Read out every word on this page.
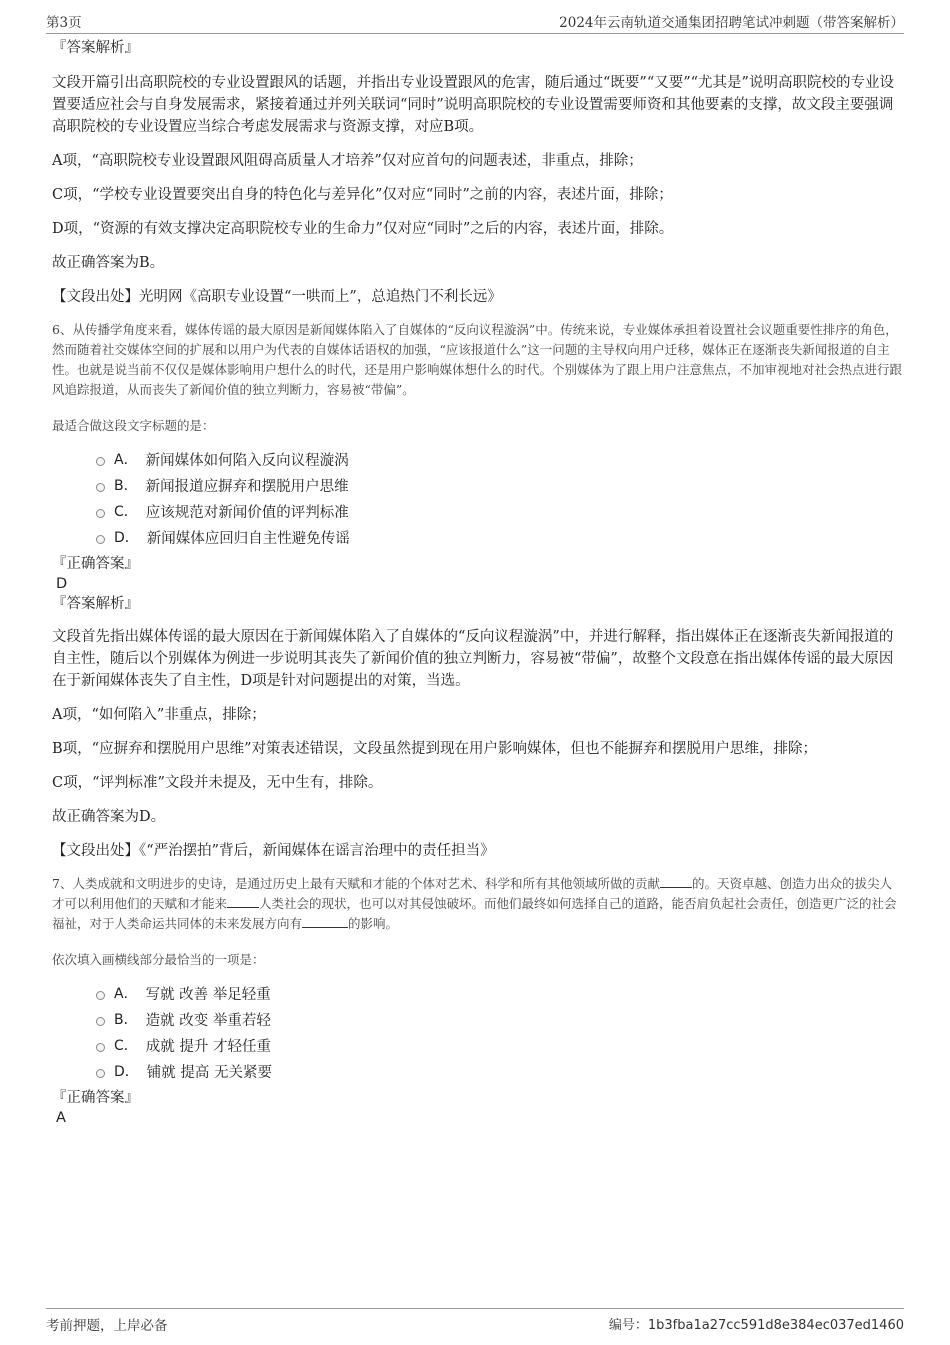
第3页	2024年云南轨道交通集团招聘笔试冲刺题（带答案解析）

『答案解析』

文段开篇引出高职院校的专业设置跟风的话题，并指出专业设置跟风的危害，随后通过“既要”“又要”“尤其是”说明高职院校的专业设置要适应社会与自身发展需求，紧接着通过并列关联词“同时”说明高职院校的专业设置需要师资和其他要素的支撑，故文段主要强调高职院校的专业设置应当综合考虑发展需求与资源支撑，对应B项。

A项，“高职院校专业设置跟风阻碍高质量人才培养”仅对应首句的问题表述，非重点，排除；

C项，“学校专业设置要突出自身的特色化与差异化”仅对应“同时”之前的内容，表述片面，排除；

D项，“资源的有效支撑决定高职院校专业的生命力”仅对应“同时”之后的内容，表述片面，排除。

故正确答案为B。

【文段出处】光明网《高职专业设置“一哄而上”，总追热门不利长远》

6、从传播学角度来看，媒体传谣的最大原因是新闻媒体陷入了自媒体的“反向议程漩涡”中。传统来说，专业媒体承担着设置社会议题重要性排序的角色，然而随着社交媒体空间的扩展和以用户为代表的自媒体话语权的加强，“应该报道什么”这一问题的主导权向用户迁移，媒体正在逐渐丧失新闻报道的自主性。也就是说当前不仅仅是媒体影响用户想什么的时代，还是用户影响媒体想什么的时代。个别媒体为了跟上用户注意焦点，不加审视地对社会热点进行跟风追踪报道，从而丧失了新闻价值的独立判断力，容易被“带偏”。

最适合做这段文字标题的是：

A． 新闻媒体如何陷入反向议程漩涡
B． 新闻报道应摒弃和摆脱用户思维
C． 应该规范对新闻价值的评判标准
D． 新闻媒体应回归自主性避免传谣

『正确答案』

D

『答案解析』

文段首先指出媒体传谣的最大原因在于新闻媒体陷入了自媒体的“反向议程漩涡”中，并进行解释，指出媒体正在逐渐丧失新闻报道的自主性，随后以个别媒体为例进一步说明其丧失了新闻价值的独立判断力，容易被“带偏”，故整个文段意在指出媒体传谣的最大原因在于新闻媒体丧失了自主性，D项是针对问题提出的对策，当选。

A项，“如何陷入”非重点，排除；

B项，“应摒弃和摆脱用户思维”对策表述错误，文段虽然提到现在用户影响媒体，但也不能摒弃和摆脱用户思维，排除；

C项，“评判标准”文段并未提及，无中生有，排除。

故正确答案为D。

【文段出处】《“严治摆拍”背后，新闻媒体在谣言治理中的责任担当》

7、人类成就和文明进步的史诗，是通过历史上最有天赋和才能的个体对艺术、科学和所有其他领域所做的贡献	的。天资卓越、创造力出众的拔尖人才可以利用他们的天赋和才能来	人类社会的现状，也可以对其侵蚀破坏。而他们最终如何选择自己的道路，能否肩负起社会责任，创造更广泛的社会福祉，对于人类命运共同体的未来发展方向有	的影响。

依次填入画横线部分最恰当的一项是：

A． 写就 改善 举足轻重
B． 造就 改变 举重若轻
C． 成就 提升 才轻任重
D． 铺就 提高 无关紧要

『正确答案』

A

考前押题，上岸必备	编号：1b3fba1a27cc591d8e384ec037ed1460
